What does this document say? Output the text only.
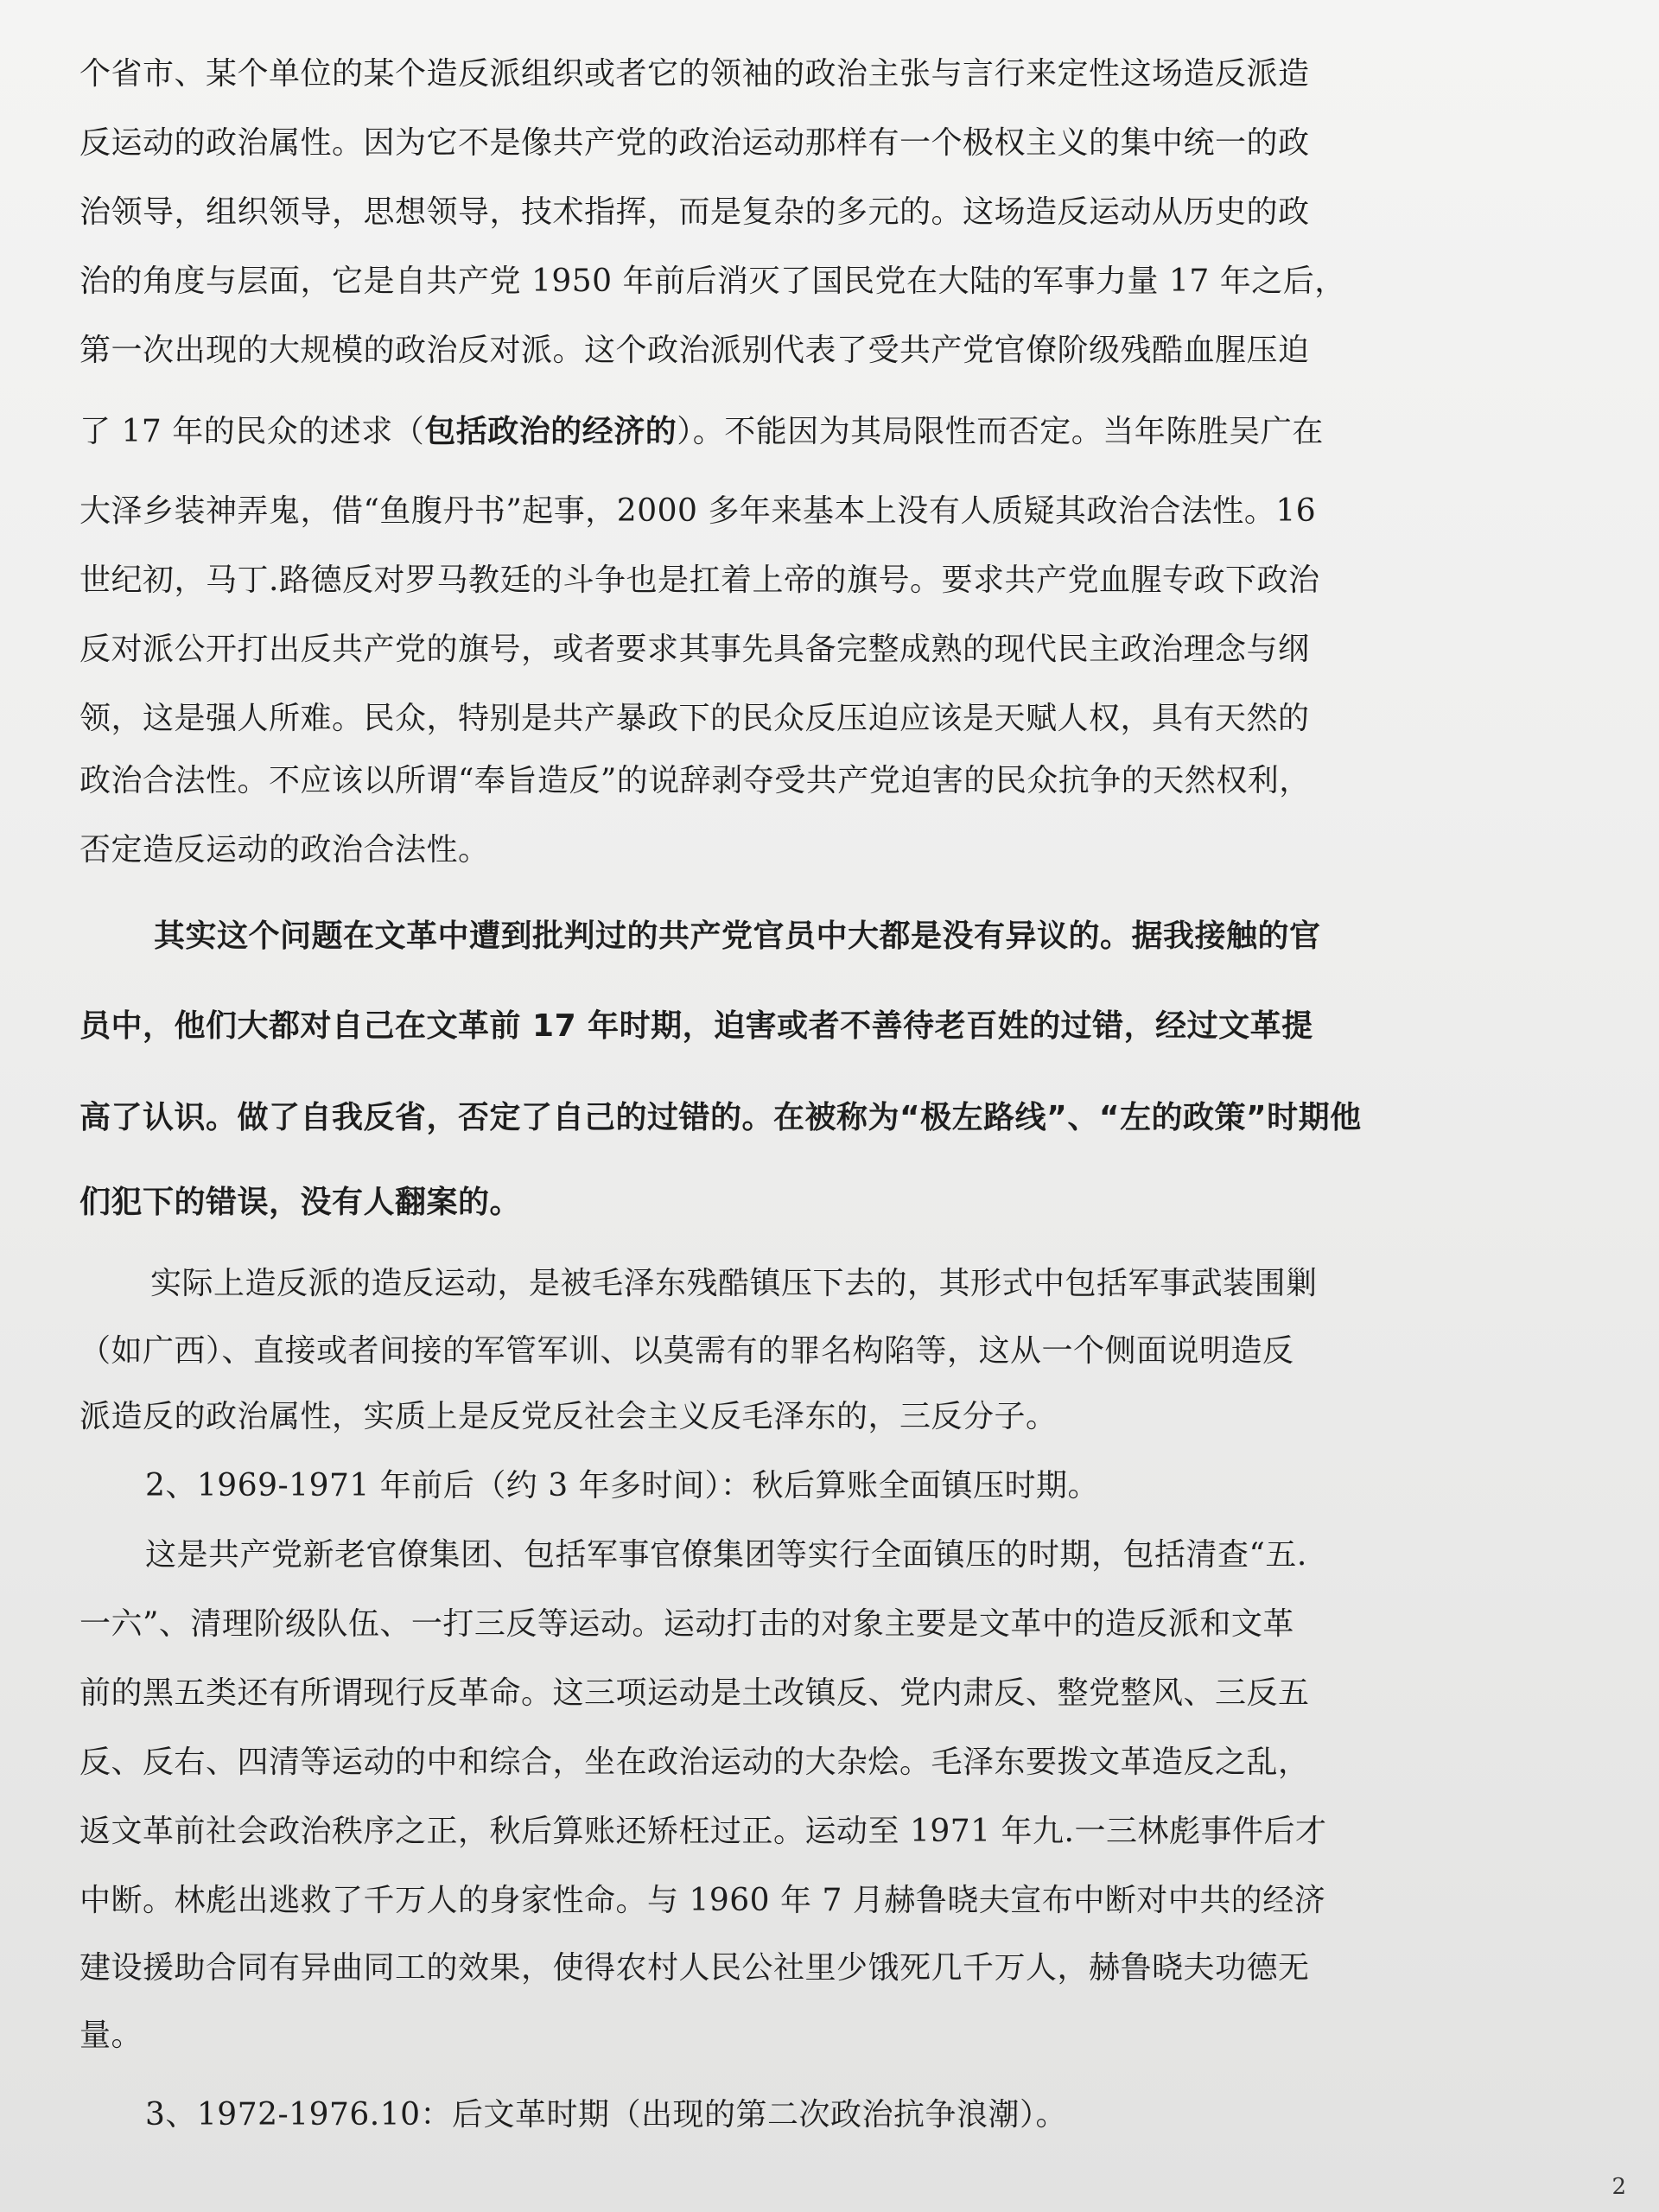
个省市、某个单位的某个造反派组织或者它的领袖的政治主张与言行来定性这场造反派造
反运动的政治属性。因为它不是像共产党的政治运动那样有一个极权主义的集中统一的政
治领导，组织领导，思想领导，技术指挥，而是复杂的多元的。这场造反运动从历史的政
治的角度与层面，它是自共产党 1950 年前后消灭了国民党在大陆的军事力量 17 年之后，
第一次出现的大规模的政治反对派。这个政治派别代表了受共产党官僚阶级残酷血腥压迫
了 17 年的民众的述求（包括政治的经济的）。不能因为其局限性而否定。当年陈胜吴广在
大泽乡装神弄鬼，借“鱼腹丹书”起事，2000 多年来基本上没有人质疑其政治合法性。16
世纪初，马丁.路德反对罗马教廷的斗争也是扛着上帝的旗号。要求共产党血腥专政下政治
反对派公开打出反共产党的旗号，或者要求其事先具备完整成熟的现代民主政治理念与纲
领，这是强人所难。民众，特别是共产暴政下的民众反压迫应该是天赋人权，具有天然的
政治合法性。不应该以所谓“奉旨造反”的说辞剥夺受共产党迫害的民众抗争的天然权利，
否定造反运动的政治合法性。
其实这个问题在文革中遭到批判过的共产党官员中大都是没有异议的。据我接触的官
员中，他们大都对自己在文革前 17 年时期，迫害或者不善待老百姓的过错，经过文革提
高了认识。做了自我反省，否定了自己的过错的。在被称为“极左路线”、“左的政策”时期他
们犯下的错误，没有人翻案的。
实际上造反派的造反运动，是被毛泽东残酷镇压下去的，其形式中包括军事武装围剿
（如广西）、直接或者间接的军管军训、以莫需有的罪名构陷等，这从一个侧面说明造反
派造反的政治属性，实质上是反党反社会主义反毛泽东的，三反分子。
2、1969-1971 年前后（约 3 年多时间）：秋后算账全面镇压时期。
这是共产党新老官僚集团、包括军事官僚集团等实行全面镇压的时期，包括清查“五.
一六”、清理阶级队伍、一打三反等运动。运动打击的对象主要是文革中的造反派和文革
前的黑五类还有所谓现行反革命。这三项运动是土改镇反、党内肃反、整党整风、三反五
反、反右、四清等运动的中和综合，坐在政治运动的大杂烩。毛泽东要拨文革造反之乱，
返文革前社会政治秩序之正，秋后算账还矫枉过正。运动至 1971 年九.一三林彪事件后才
中断。林彪出逃救了千万人的身家性命。与 1960 年 7 月赫鲁晓夫宣布中断对中共的经济
建设援助合同有异曲同工的效果，使得农村人民公社里少饿死几千万人，赫鲁晓夫功德无
量。
3、1972-1976.10：后文革时期（出现的第二次政治抗争浪潮）。
2
